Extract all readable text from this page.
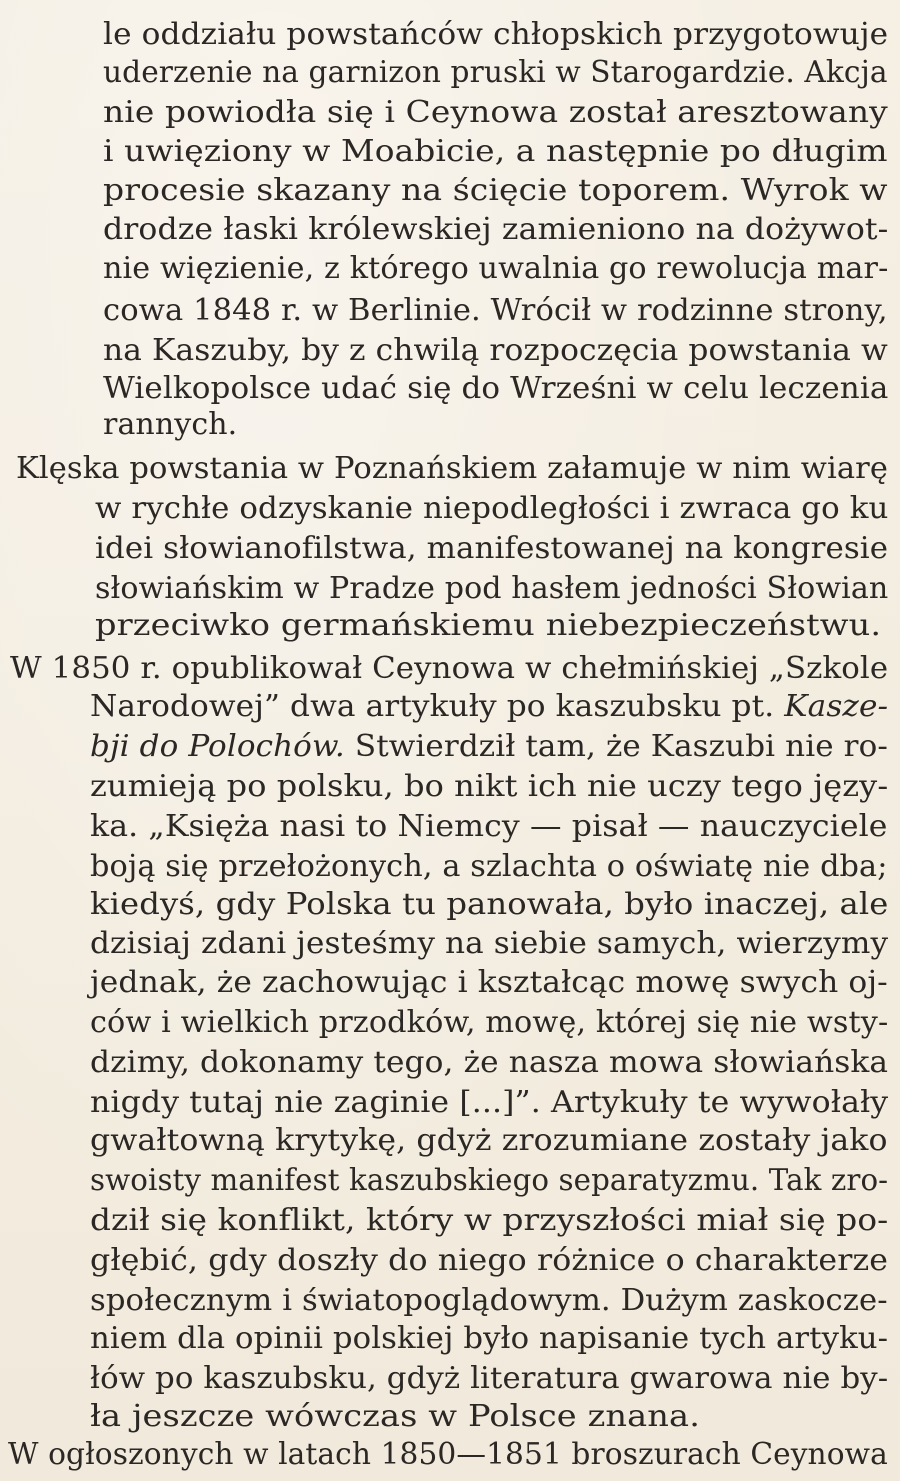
le oddziału powstańców chłopskich przygotowuje
uderzenie na garnizon pruski w Starogardzie. Akcja
nie powiodła się i Ceynowa został aresztowany
i uwięziony w Moabicie, a następnie po długim
procesie skazany na ścięcie toporem. Wyrok w
drodze łaski królewskiej zamieniono na dożywot-
nie więzienie, z którego uwalnia go rewolucja mar-
cowa 1848 r. w Berlinie. Wrócił w rodzinne strony,
na Kaszuby, by z chwilą rozpoczęcia powstania w
Wielkopolsce udać się do Wrześni w celu leczenia
rannych.
Klęska powstania w Poznańskiem załamuje w nim wiarę
w rychłe odzyskanie niepodległości i zwraca go ku
idei słowianofilstwa, manifestowanej na kongresie
słowiańskim w Pradze pod hasłem jedności Słowian
przeciwko germańskiemu niebezpieczeństwu.
W 1850 r. opublikował Ceynowa w chełmińskiej „Szkole
Narodowej” dwa artykuły po kaszubsku pt. Kasze-
bji do Polochów. Stwierdził tam, że Kaszubi nie ro-
zumieją po polsku, bo nikt ich nie uczy tego języ-
ka. „Księża nasi to Niemcy — pisał — nauczyciele
boją się przełożonych, a szlachta o oświatę nie dba;
kiedyś, gdy Polska tu panowała, było inaczej, ale
dzisiaj zdani jesteśmy na siebie samych, wierzymy
jednak, że zachowując i kształcąc mowę swych oj-
ców i wielkich przodków, mowę, której się nie wsty-
dzimy, dokonamy tego, że nasza mowa słowiańska
nigdy tutaj nie zaginie [...]”. Artykuły te wywołały
gwałtowną krytykę, gdyż zrozumiane zostały jako
swoisty manifest kaszubskiego separatyzmu. Tak zro-
dził się konflikt, który w przyszłości miał się po-
głębić, gdy doszły do niego różnice o charakterze
społecznym i światopoglądowym. Dużym zaskocze-
niem dla opinii polskiej było napisanie tych artyku-
łów po kaszubsku, gdyż literatura gwarowa nie by-
ła jeszcze wówczas w Polsce znana.
W ogłoszonych w latach 1850—1851 broszurach Ceynowa
